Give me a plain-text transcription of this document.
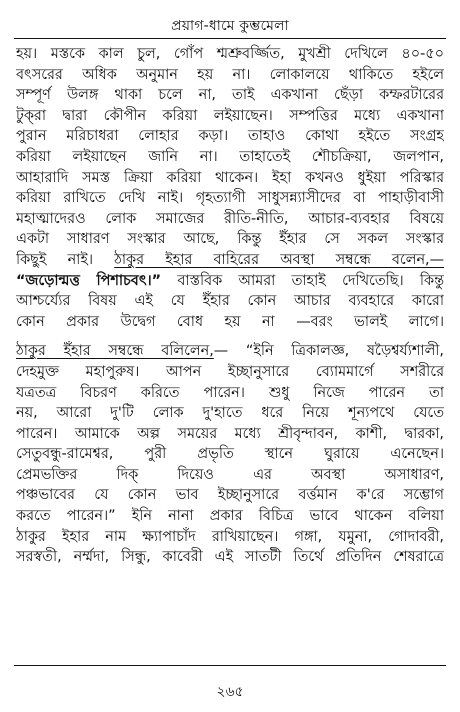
প্রয়াগ-ধামে কুম্ভমেলা
হয়। মস্তকে কাল চুল, গোঁপ শ্মশ্রুবর্জ্জিত, মুখশ্রী দেখিলে ৪০-৫০
বৎসরের অধিক অনুমান হয় না। লোকালয়ে থাকিতে হইলে
সম্পূর্ণ উলঙ্গ থাকা চলে না, তাই একখানা ছেঁড়া কম্ফরটারের
টুক্‌রা দ্বারা কৌপীন করিয়া লইয়াছেন। সম্পত্তির মধ্যে একখানা
পুরান মরিচাধরা লোহার কড়া। তাহাও কোথা হইতে সংগ্রহ
করিয়া লইয়াছেন জানি না। তাহাতেই শৌচক্রিয়া, জলপান,
আহারাদি সমস্ত ক্রিয়া করিয়া থাকেন। ইহা কখনও ধুইয়া পরিস্কার
করিয়া রাখিতে দেখি নাই। গৃহত্যাগী সাধুসন্ন্যাসীদের বা পাহাড়ীবাসী
মহাত্মাদেরও লোক সমাজের রীতি-নীতি, আচার-ব্যবহার বিষয়ে
একটা সাধারণ সংস্কার আছে, কিন্তু ইঁহার সে সকল সংস্কার
কিছুই নাই। ঠাকুর ইহার বাহিরের অবস্থা সম্বন্ধে বলেন,—
“জড়োন্মত্ত পিশাচবৎ।” বাস্তবিক আমরা তাহাই দেখিতেছি। কিন্তু
আশ্চর্য্যের বিষয় এই যে ইঁহার কোন আচার ব্যবহারে কারো
কোন প্রকার উদ্বেগ বোধ হয় না —বরং ভালই লাগে।
ঠাকুর ইঁহার সম্বন্ধে বলিলেন,— “ইনি ত্রিকালজ্ঞ, ষড়ৈশ্বর্য্যশালী,
দেহমুক্ত মহাপুরুষ। আপন ইচ্ছানুসারে ব্যোমমার্গে সশরীরে
যত্রতত্র বিচরণ করিতে পারেন। শুধু নিজে পারেন তা
নয়, আরো দু'টি লোক দু'হাতে ধরে নিয়ে শূন্যপথে যেতে
পারেন। আমাকে অল্প সময়ের মধ্যে শ্রীবৃন্দাবন, কাশী, দ্বারকা,
সেতুবন্ধু-রামেশ্বর, পুরী প্রভৃতি স্থানে ঘুরায়ে এনেছেন।
প্রেমভক্তির দিক্‌ দিয়েও এর অবস্থা অসাধারণ,
পঞ্চভাবের যে কোন ভাব ইচ্ছানুসারে বর্ত্তমান ক'রে সম্ভোগ
করতে পারেন।” ইনি নানা প্রকার বিচিত্র ভাবে থাকেন বলিয়া
ঠাকুর ইহার নাম ক্ষ্যাপাচাঁদ রাখিয়াছেন। গঙ্গা, যমুনা, গোদাবরী,
সরস্বতী, নর্ম্মদা, সিন্ধু, কাবেরী এই সাতটী তির্থে প্রতিদিন শেষরাত্রে
২৬৫
